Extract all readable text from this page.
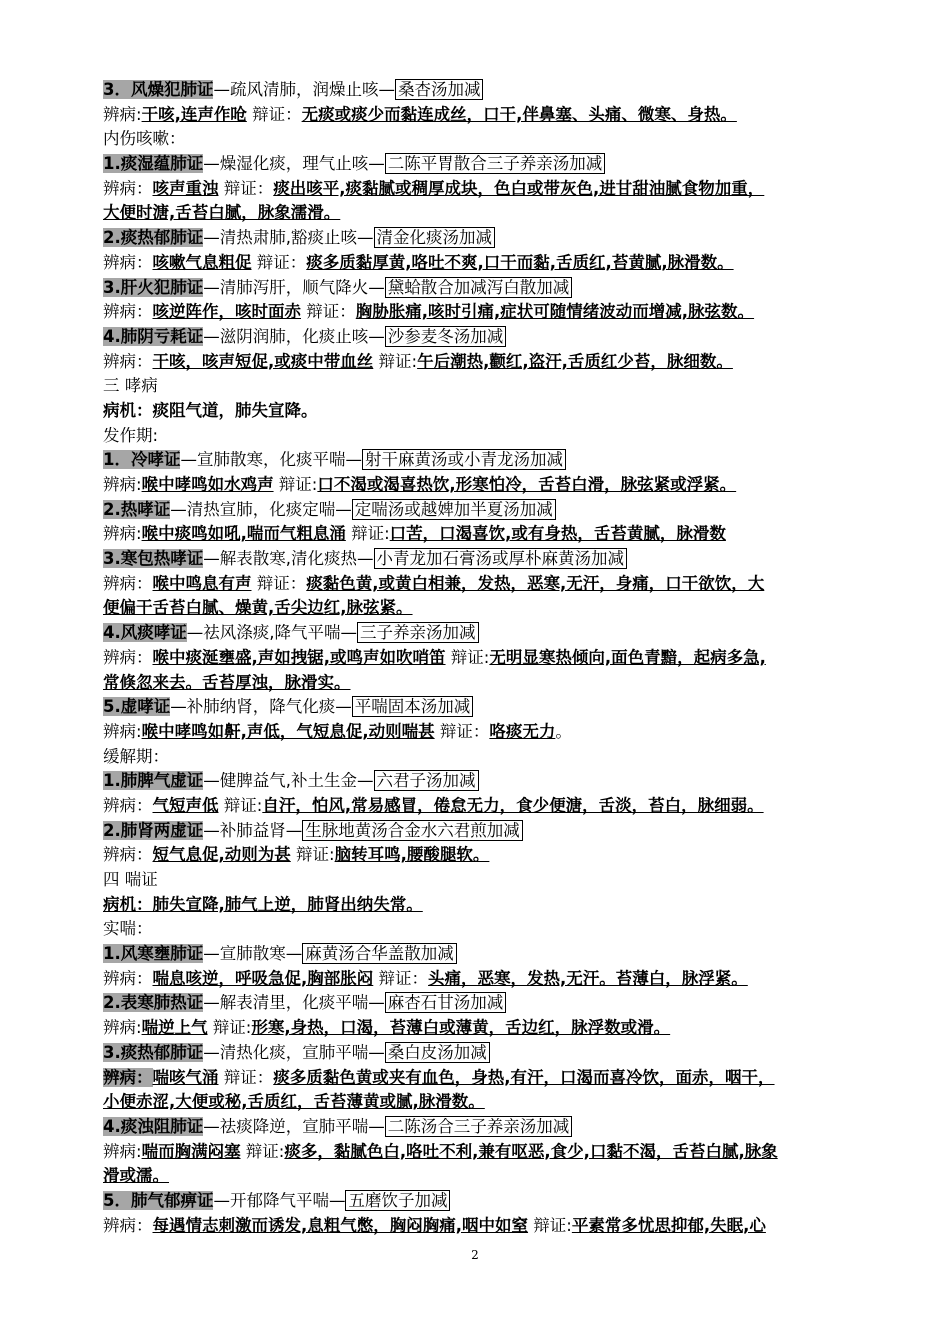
3．风燥犯肺证—疏风清肺，润燥止咳— 桑杏汤加减
辨病:干咳,连声作呛 辩证：无痰或痰少而黏连成丝，口干,伴鼻塞、头痛、微寒、身热。
内伤咳嗽：
1.痰湿蕴肺证—燥湿化痰，理气止咳— 二陈平胃散合三子养亲汤加减
辨病：咳声重浊 辩证：痰出咳平,痰黏腻或稠厚成块，色白或带灰色,进甘甜油腻食物加重，
大便时溏,舌苔白腻，脉象濡滑。
2.痰热郁肺证—清热肃肺,豁痰止咳— 清金化痰汤加减
辨病：咳嗽气息粗促 辩证：痰多质黏厚黄,咯吐不爽,口干而黏,舌质红,苔黄腻,脉滑数。
3.肝火犯肺证—清肺泻肝，顺气降火— 黛蛤散合加减泻白散加减
辨病：咳逆阵作，咳时面赤 辩证：胸胁胀痛,咳时引痛,症状可随情绪波动而增减,脉弦数。
4.肺阴亏耗证—滋阴润肺，化痰止咳— 沙参麦冬汤加减
辨病：干咳，咳声短促,或痰中带血丝 辩证:午后潮热,颧红,盗汗,舌质红少苔，脉细数。
三 哮病
病机：痰阻气道，肺失宣降。
发作期:
1．冷哮证—宣肺散寒，化痰平喘— 射干麻黄汤或小青龙汤加减
辨病:喉中哮鸣如水鸡声 辩证:口不渴或渴喜热饮,形寒怕冷，舌苔白滑，脉弦紧或浮紧。
2.热哮证—清热宣肺，化痰定喘— 定喘汤或越婢加半夏汤加减
辨病:喉中痰鸣如吼,喘而气粗息涌 辩证:口苦，口渴喜饮,或有身热，舌苔黄腻，脉滑数
3.寒包热哮证—解表散寒,清化痰热— 小青龙加石膏汤或厚朴麻黄汤加减
辨病：喉中鸣息有声 辩证：痰黏色黄,或黄白相兼，发热，恶寒,无汗，身痛，口干欲饮，大
便偏干舌苔白腻、燥黄,舌尖边红,脉弦紧。
4.风痰哮证—祛风涤痰,降气平喘— 三子养亲汤加减
辨病：喉中痰涎壅盛,声如拽锯,或鸣声如吹哨笛 辩证:无明显寒热倾向,面色青黯，起病多急,
常倏忽来去。舌苔厚浊，脉滑实。
5.虚哮证—补肺纳肾，降气化痰— 平喘固本汤加减
辨病:喉中哮鸣如鼾,声低，气短息促,动则喘甚 辩证：咯痰无力。
缓解期：
1.肺脾气虚证—健脾益气,补土生金— 六君子汤加减
辨病：气短声低 辩证:自汗，怕风,常易感冒，倦怠无力，食少便溏，舌淡，苔白，脉细弱。
2.肺肾两虚证—补肺益肾— 生脉地黄汤合金水六君煎加减
辨病：短气息促,动则为甚 辩证:脑转耳鸣,腰酸腿软。
四 喘证
病机：肺失宣降,肺气上逆，肺肾出纳失常。
实喘：
1.风寒壅肺证—宣肺散寒— 麻黄汤合华盖散加减
辨病：喘息咳逆，呼吸急促,胸部胀闷 辩证：头痛，恶寒，发热,无汗。苔薄白，脉浮紧。
2.表寒肺热证—解表清里，化痰平喘— 麻杏石甘汤加减
辨病:喘逆上气 辩证:形寒,身热，口渴，苔薄白或薄黄，舌边红，脉浮数或滑。
3.痰热郁肺证—清热化痰，宣肺平喘— 桑白皮汤加减
辨病：喘咳气涌 辩证：痰多质黏色黄或夹有血色，身热,有汗，口渴而喜冷饮，面赤，咽干，
小便赤涩,大便或秘,舌质红，舌苔薄黄或腻,脉滑数。
4.痰浊阻肺证—祛痰降逆，宣肺平喘— 二陈汤合三子养亲汤加减
辨病:喘而胸满闷塞 辩证:痰多，黏腻色白,咯吐不利,兼有呕恶,食少,口黏不渴，舌苔白腻,脉象
滑或濡。
5．肺气郁痹证—开郁降气平喘— 五磨饮子加减
辨病：每遇情志刺激而诱发,息粗气憋，胸闷胸痛,咽中如窒 辩证:平素常多忧思抑郁,失眠,心
2
